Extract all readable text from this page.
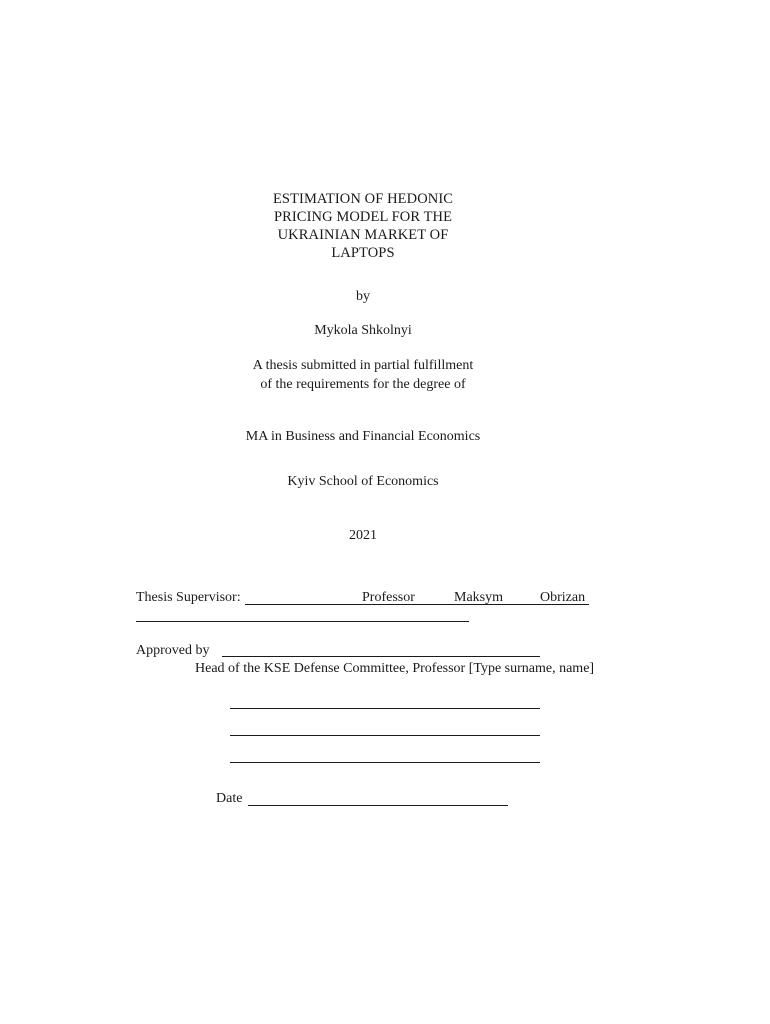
ESTIMATION OF HEDONIC
PRICING MODEL FOR THE
UKRAINIAN MARKET OF
LAPTOPS
by
Mykola Shkolnyi
A thesis submitted in partial fulfillment
of the requirements for the degree of
MA in Business and Financial Economics
Kyiv School of Economics
2021
Thesis Supervisor:	Professor	Maksym	Obrizan
Approved by
Head of the KSE Defense Committee, Professor [Type surname, name]
Date
